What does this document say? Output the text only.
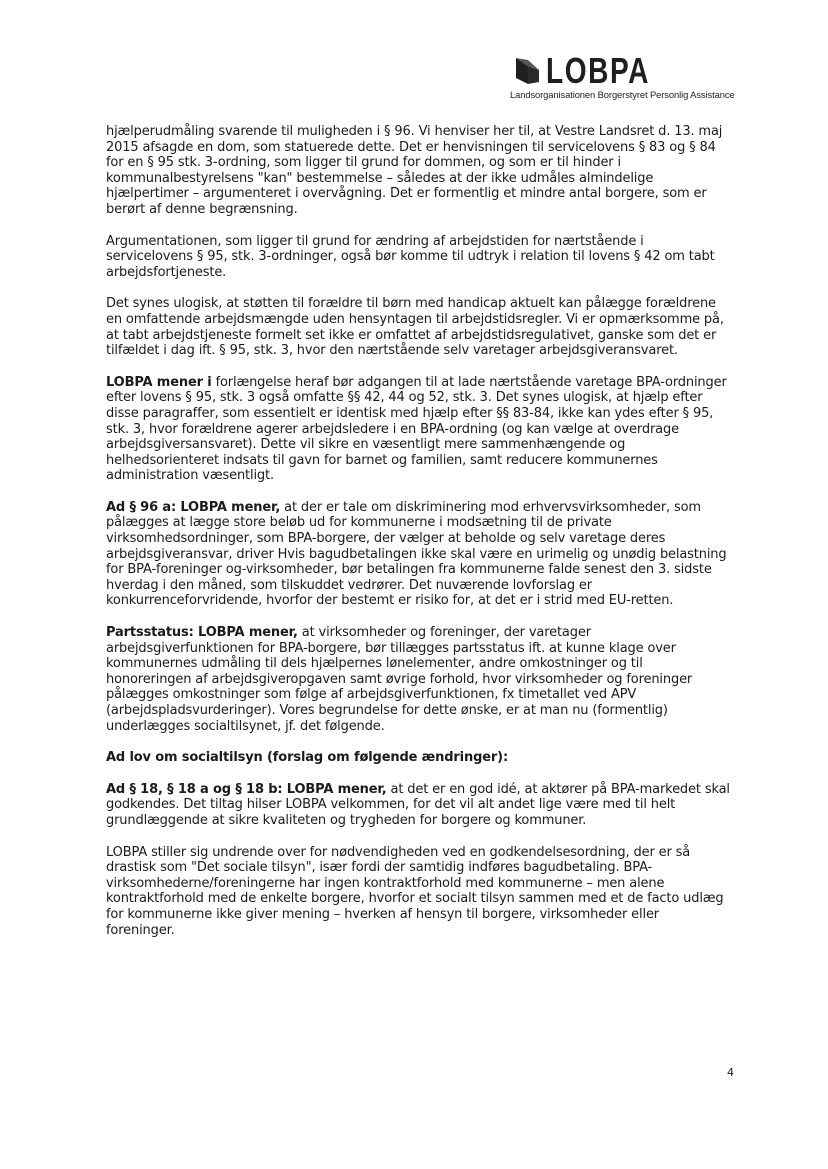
LOBPA
Landsorganisationen Borgerstyret Personlig Assistance

hjælperudmåling svarende til muligheden i § 96. Vi henviser her til, at Vestre Landsret d. 13. maj 2015 afsagde en dom, som statuerede dette. Det er henvisningen til servicelovens § 83 og § 84 for en § 95 stk. 3-ordning, som ligger til grund for dommen, og som er til hinder i kommunalbestyrelsens "kan" bestemmelse – således at der ikke udmåles almindelige hjælpertimer – argumenteret i overvågning. Det er formentlig et mindre antal borgere, som er berørt af denne begrænsning.

Argumentationen, som ligger til grund for ændring af arbejdstiden for nærtstående i servicelovens § 95, stk. 3-ordninger, også bør komme til udtryk i relation til lovens § 42 om tabt arbejdsfortjeneste.

Det synes ulogisk, at støtten til forældre til børn med handicap aktuelt kan pålægge forældrene en omfattende arbejdsmængde uden hensyntagen til arbejdstidsregler. Vi er opmærksomme på, at tabt arbejdstjeneste formelt set ikke er omfattet af arbejdstidsregulativet, ganske som det er tilfældet i dag ift. § 95, stk. 3, hvor den nærtstående selv varetager arbejdsgiveransvaret.

LOBPA mener i forlængelse heraf bør adgangen til at lade nærtstående varetage BPA-ordninger efter lovens § 95, stk. 3 også omfatte §§ 42, 44 og 52, stk. 3. Det synes ulogisk, at hjælp efter disse paragraffer, som essentielt er identisk med hjælp efter §§ 83-84, ikke kan ydes efter § 95, stk. 3, hvor forældrene agerer arbejdsledere i en BPA-ordning (og kan vælge at overdrage arbejdsgiversansvaret). Dette vil sikre en væsentligt mere sammenhængende og helhedsorienteret indsats til gavn for barnet og familien, samt reducere kommunernes administration væsentligt.

Ad § 96 a: LOBPA mener, at der er tale om diskriminering mod erhvervsvirksomheder, som pålægges at lægge store beløb ud for kommunerne i modsætning til de private virksomhedsordninger, som BPA-borgere, der vælger at beholde og selv varetage deres arbejdsgiveransvar, driver Hvis bagudbetalingen ikke skal være en urimelig og unødig belastning for BPA-foreninger og-virksomheder, bør betalingen fra kommunerne falde senest den 3. sidste hverdag i den måned, som tilskuddet vedrører. Det nuværende lovforslag er konkurrenceforvridende, hvorfor der bestemt er risiko for, at det er i strid med EU-retten.

Partsstatus: LOBPA mener, at virksomheder og foreninger, der varetager arbejdsgiverfunktionen for BPA-borgere, bør tillægges partsstatus ift. at kunne klage over kommunernes udmåling til dels hjælpernes lønelementer, andre omkostninger og til honoreringen af arbejdsgiveropgaven samt øvrige forhold, hvor virksomheder og foreninger pålægges omkostninger som følge af arbejdsgiverfunktionen, fx timetallet ved APV (arbejdspladsvurderinger). Vores begrundelse for dette ønske, er at man nu (formentlig) underlægges socialtilsynet, jf. det følgende.

Ad lov om socialtilsyn (forslag om følgende ændringer):

Ad § 18, § 18 a og § 18 b: LOBPA mener, at det er en god idé, at aktører på BPA-markedet skal godkendes. Det tiltag hilser LOBPA velkommen, for det vil alt andet lige være med til helt grundlæggende at sikre kvaliteten og trygheden for borgere og kommuner.

LOBPA stiller sig undrende over for nødvendigheden ved en godkendelsesordning, der er så drastisk som "Det sociale tilsyn", især fordi der samtidig indføres bagudbetaling. BPA-virksomhederne/foreningerne har ingen kontraktforhold med kommunerne – men alene kontraktforhold med de enkelte borgere, hvorfor et socialt tilsyn sammen med et de facto udlæg for kommunerne ikke giver mening – hverken af hensyn til borgere, virksomheder eller foreninger.

4
